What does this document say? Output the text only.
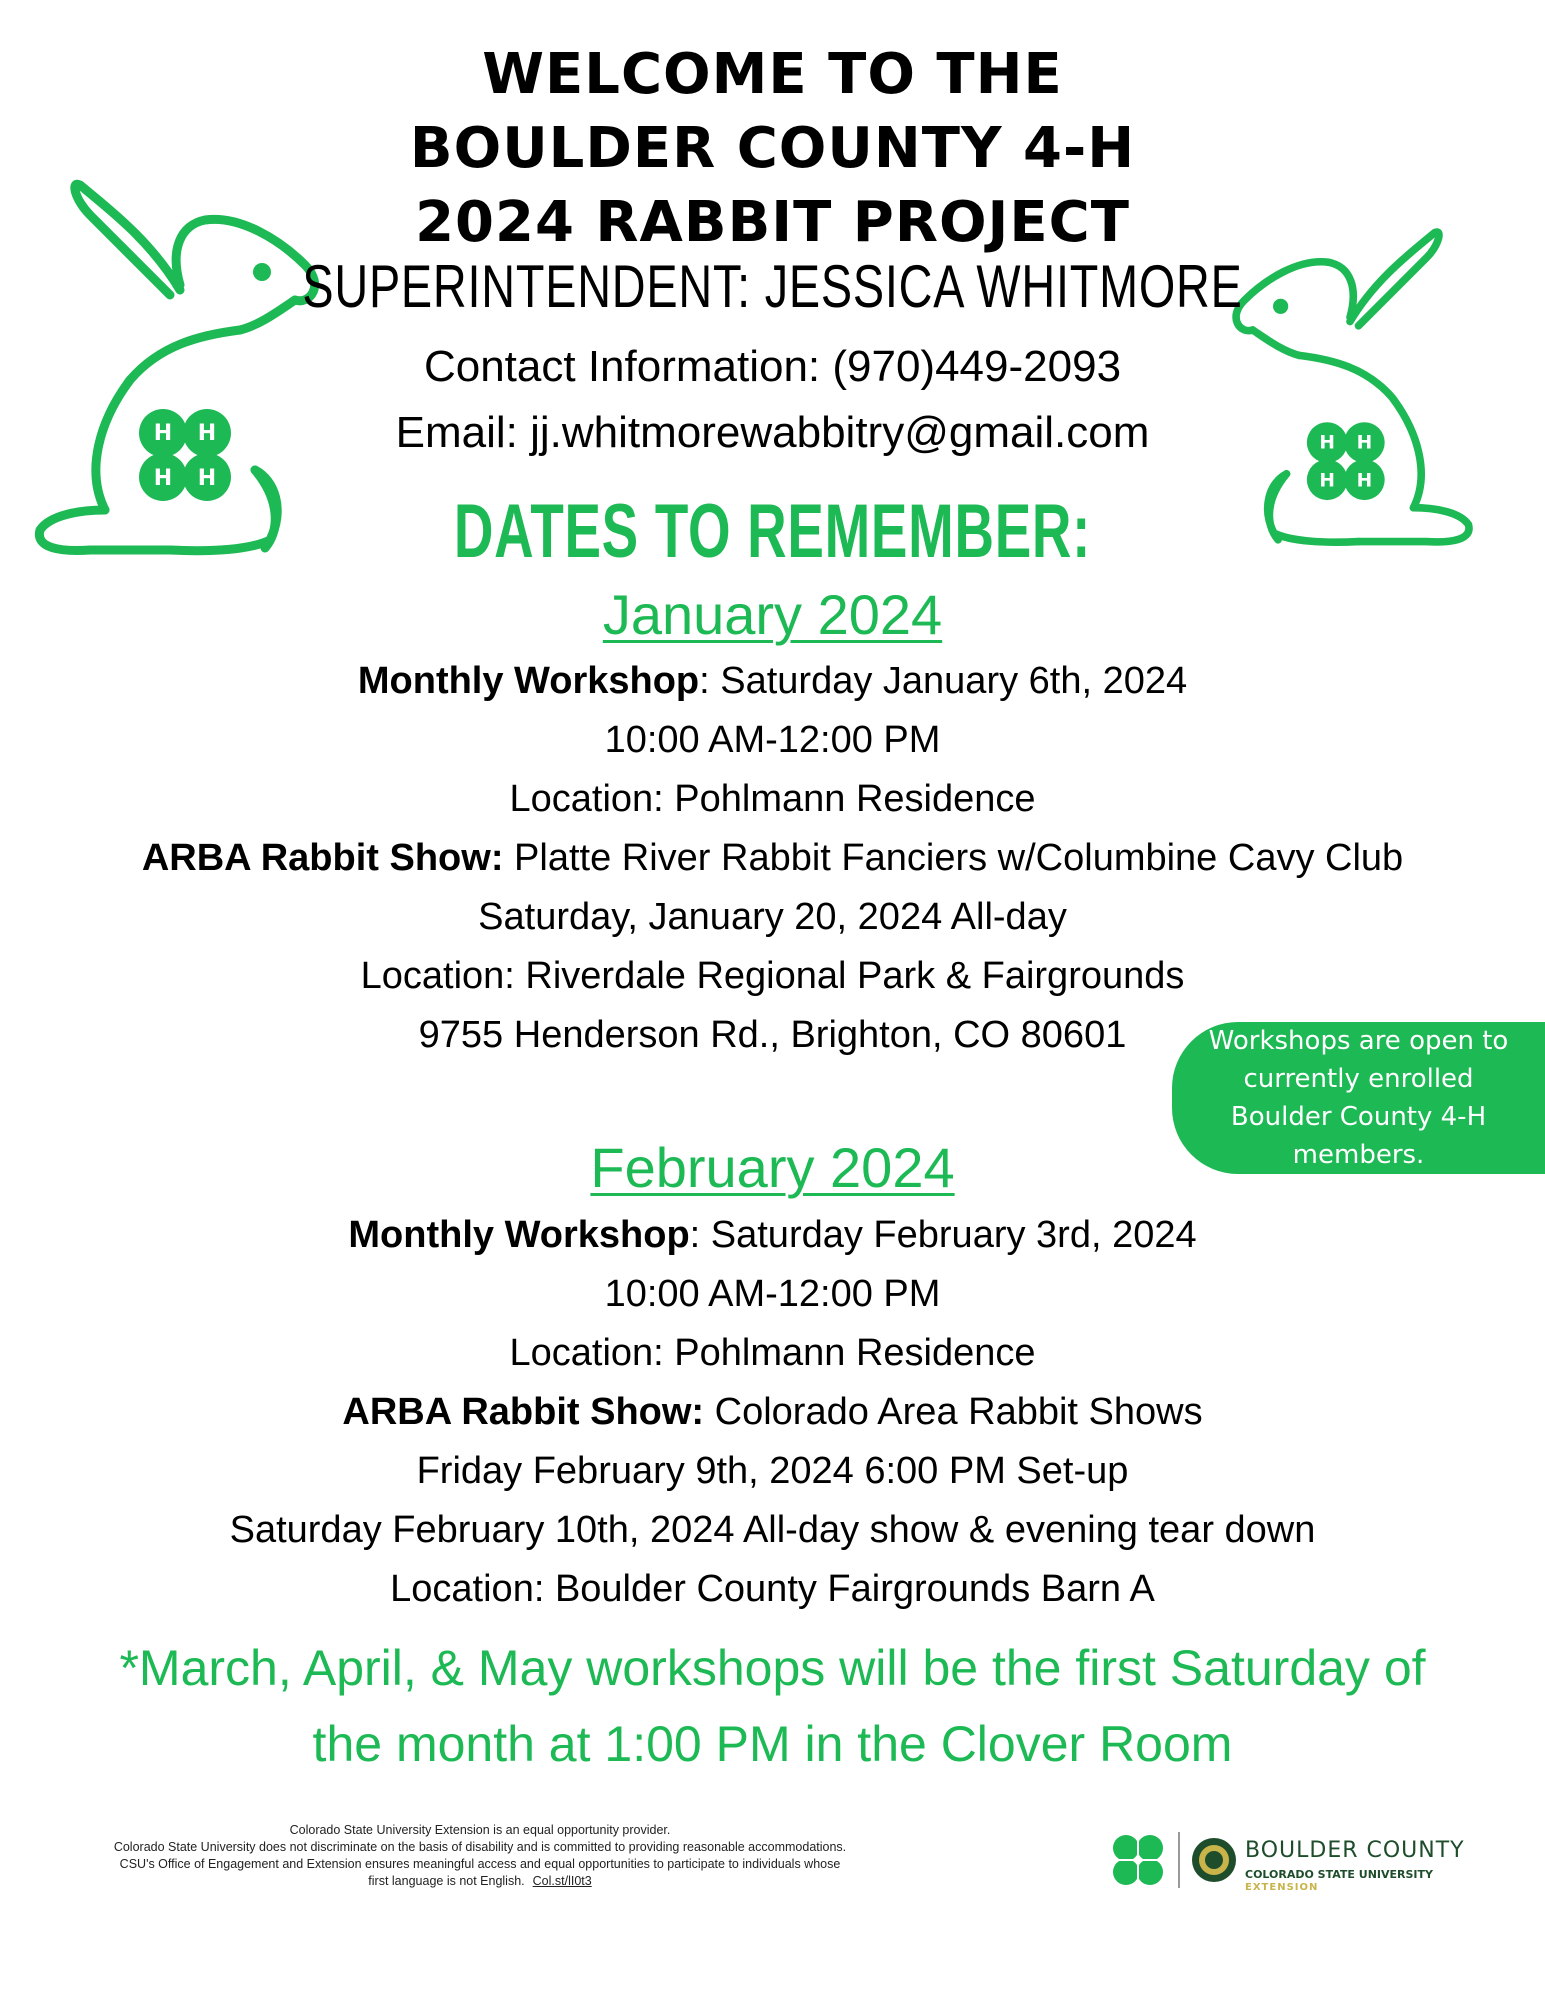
H H
H H
H H
H H
WELCOME TO THE
BOULDER COUNTY 4-H
2024 RABBIT PROJECT
SUPERINTENDENT: JESSICA WHITMORE
Contact Information: (970)449-2093
Email: jj.whitmorewabbitry@gmail.com
DATES TO REMEMBER:
January 2024
Monthly Workshop: Saturday January 6th, 2024
10:00 AM-12:00 PM
Location: Pohlmann Residence
ARBA Rabbit Show: Platte River Rabbit Fanciers w/Columbine Cavy Club
Saturday, January 20, 2024 All-day
Location: Riverdale Regional Park & Fairgrounds
9755 Henderson Rd., Brighton, CO 80601	Workshops are open to currently enrolled Boulder County 4-H members.
February 2024
Monthly Workshop: Saturday February 3rd, 2024
10:00 AM-12:00 PM
Location: Pohlmann Residence
ARBA Rabbit Show: Colorado Area Rabbit Shows
Friday February 9th, 2024 6:00 PM Set-up
Saturday February 10th, 2024 All-day show & evening tear down
Location: Boulder County Fairgrounds Barn A
*March, April, & May workshops will be the first Saturday of
the month at 1:00 PM in the Clover Room
Colorado State University Extension is an equal opportunity provider.
Colorado State University does not discriminate on the basis of disability and is committed to providing reasonable accommodations.
CSU's Office of Engagement and Extension ensures meaningful access and equal opportunities to participate to individuals whose
first language is not English. Col.st/lI0t3
BOULDER COUNTY
COLORADO STATE UNIVERSITY
EXTENSION
